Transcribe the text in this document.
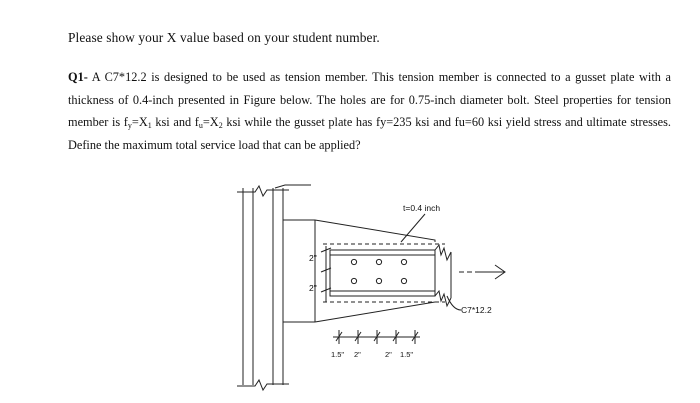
Please show your X value based on your student number.
Q1- A C7*12.2 is designed to be used as tension member. This tension member is connected to a gusset plate with a thickness of 0.4-inch presented in Figure below. The holes are for 0.75-inch diameter bolt. Steel properties for tension member is $f_y=X_1$ ksi and $f_u=X_2$ ksi while the gusset plate has fy=235 ksi and fu=60 ksi yield stress and ultimate stresses. Define the maximum total service load that can be applied?
2"
2"
1.5" 2"	2" 1.5"
t=0.4 inch
C7*12.2
